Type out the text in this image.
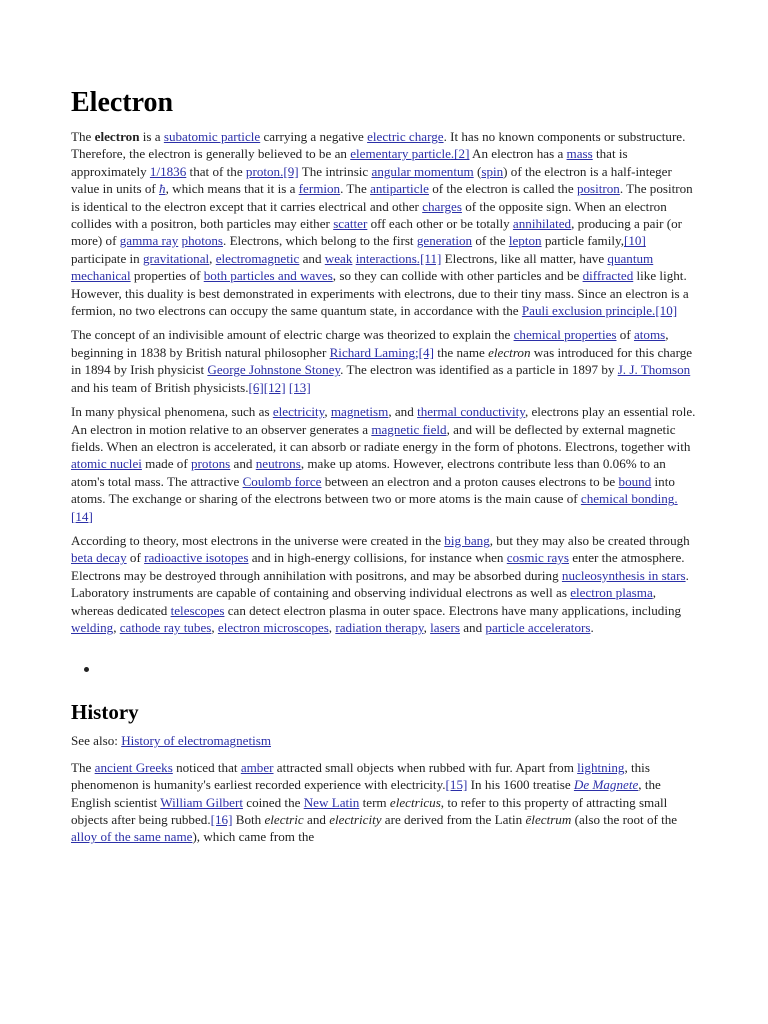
Electron

The electron is a subatomic particle carrying a negative electric charge. It has no known components or substructure. Therefore, the electron is generally believed to be an elementary particle.[2] An electron has a mass that is approximately 1/1836 that of the proton.[9] The intrinsic angular momentum (spin) of the electron is a half-integer value in units of ħ, which means that it is a fermion. The antiparticle of the electron is called the positron. The positron is identical to the electron except that it carries electrical and other charges of the opposite sign. When an electron collides with a positron, both particles may either scatter off each other or be totally annihilated, producing a pair (or more) of gamma ray photons. Electrons, which belong to the first generation of the lepton particle family,[10] participate in gravitational, electromagnetic and weak interactions.[11] Electrons, like all matter, have quantum mechanical properties of both particles and waves, so they can collide with other particles and be diffracted like light. However, this duality is best demonstrated in experiments with electrons, due to their tiny mass. Since an electron is a fermion, no two electrons can occupy the same quantum state, in accordance with the Pauli exclusion principle.[10]

The concept of an indivisible amount of electric charge was theorized to explain the chemical properties of atoms, beginning in 1838 by British natural philosopher Richard Laming;[4] the name electron was introduced for this charge in 1894 by Irish physicist George Johnstone Stoney. The electron was identified as a particle in 1897 by J. J. Thomson and his team of British physicists.[6][12] [13]

In many physical phenomena, such as electricity, magnetism, and thermal conductivity, electrons play an essential role. An electron in motion relative to an observer generates a magnetic field, and will be deflected by external magnetic fields. When an electron is accelerated, it can absorb or radiate energy in the form of photons. Electrons, together with atomic nuclei made of protons and neutrons, make up atoms. However, electrons contribute less than 0.06% to an atom's total mass. The attractive Coulomb force between an electron and a proton causes electrons to be bound into atoms. The exchange or sharing of the electrons between two or more atoms is the main cause of chemical bonding.[14]

According to theory, most electrons in the universe were created in the big bang, but they may also be created through beta decay of radioactive isotopes and in high-energy collisions, for instance when cosmic rays enter the atmosphere. Electrons may be destroyed through annihilation with positrons, and may be absorbed during nucleosynthesis in stars. Laboratory instruments are capable of containing and observing individual electrons as well as electron plasma, whereas dedicated telescopes can detect electron plasma in outer space. Electrons have many applications, including welding, cathode ray tubes, electron microscopes, radiation therapy, lasers and particle accelerators.

•
History

See also: History of electromagnetism

The ancient Greeks noticed that amber attracted small objects when rubbed with fur. Apart from lightning, this phenomenon is humanity's earliest recorded experience with electricity.[15] In his 1600 treatise De Magnete, the English scientist William Gilbert coined the New Latin term electricus, to refer to this property of attracting small objects after being rubbed.[16] Both electric and electricity are derived from the Latin ēlectrum (also the root of the alloy of the same name), which came from the
